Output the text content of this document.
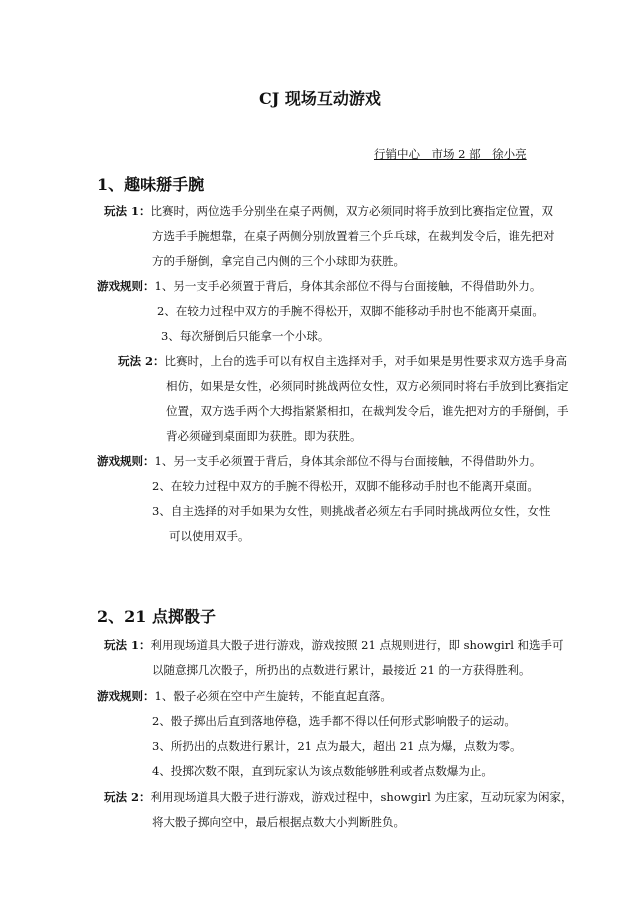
CJ 现场互动游戏
行销中心　市场 2 部　徐小亮
1、趣味掰手腕
玩法 1：比赛时，两位选手分别坐在桌子两侧，双方必须同时将手放到比赛指定位置，双
方选手手腕想靠，在桌子两侧分别放置着三个乒乓球，在裁判发令后，谁先把对
方的手掰倒，拿完自己内侧的三个小球即为获胜。
游戏规则：1、另一支手必须置于背后，身体其余部位不得与台面接触，不得借助外力。
2、在较力过程中双方的手腕不得松开，双脚不能移动手肘也不能离开桌面。
3、每次掰倒后只能拿一个小球。
玩法 2：比赛时，上台的选手可以有权自主选择对手，对手如果是男性要求双方选手身高
相仿，如果是女性，必须同时挑战两位女性，双方必须同时将右手放到比赛指定
位置，双方选手两个大拇指紧紧相扣，在裁判发令后，谁先把对方的手掰倒，手
背必须碰到桌面即为获胜。即为获胜。
游戏规则：1、另一支手必须置于背后，身体其余部位不得与台面接触，不得借助外力。
2、在较力过程中双方的手腕不得松开，双脚不能移动手肘也不能离开桌面。
3、自主选择的对手如果为女性，则挑战者必须左右手同时挑战两位女性，女性
可以使用双手。
2、21 点掷骰子
玩法 1：利用现场道具大骰子进行游戏，游戏按照 21 点规则进行，即 showgirl 和选手可
以随意掷几次骰子，所扔出的点数进行累计，最接近 21 的一方获得胜利。
游戏规则：1、骰子必须在空中产生旋转，不能直起直落。
2、骰子掷出后直到落地停稳，选手都不得以任何形式影响骰子的运动。
3、所扔出的点数进行累计，21 点为最大，超出 21 点为爆，点数为零。
4、投掷次数不限，直到玩家认为该点数能够胜利或者点数爆为止。
玩法 2：利用现场道具大骰子进行游戏，游戏过程中，showgirl 为庄家，互动玩家为闲家，
将大骰子掷向空中，最后根据点数大小判断胜负。
